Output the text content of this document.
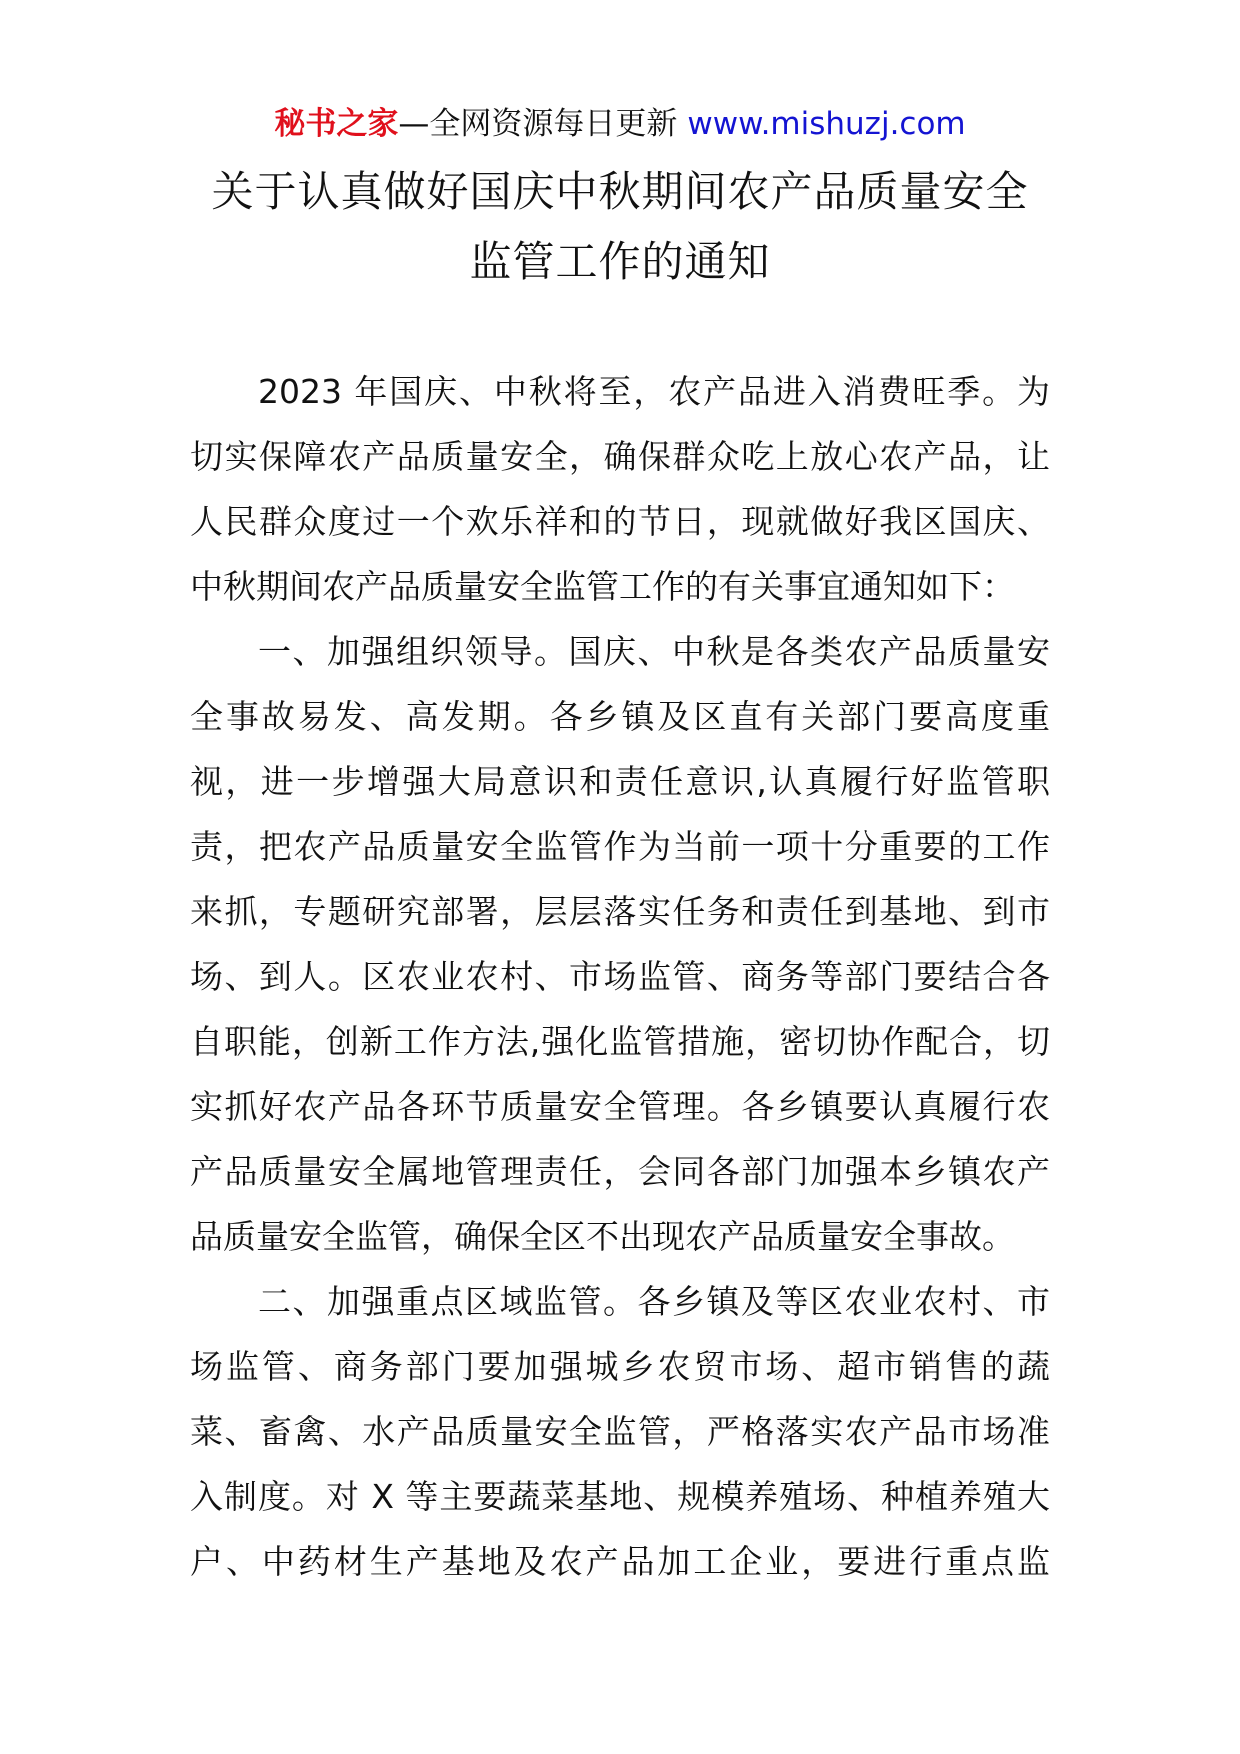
秘书之家—全网资源每日更新 www.mishuzj.com
关于认真做好国庆中秋期间农产品质量安全
监管工作的通知

2023 年国庆、中秋将至，农产品进入消费旺季。为
切实保障农产品质量安全，确保群众吃上放心农产品，让
人民群众度过一个欢乐祥和的节日，现就做好我区国庆、
中秋期间农产品质量安全监管工作的有关事宜通知如下：

一、加强组织领导。国庆、中秋是各类农产品质量安
全事故易发、高发期。各乡镇及区直有关部门要高度重
视，进一步增强大局意识和责任意识,认真履行好监管职
责，把农产品质量安全监管作为当前一项十分重要的工作
来抓，专题研究部署，层层落实任务和责任到基地、到市
场、到人。区农业农村、市场监管、商务等部门要结合各
自职能，创新工作方法,强化监管措施，密切协作配合，切
实抓好农产品各环节质量安全管理。各乡镇要认真履行农
产品质量安全属地管理责任，会同各部门加强本乡镇农产
品质量安全监管，确保全区不出现农产品质量安全事故。

二、加强重点区域监管。各乡镇及等区农业农村、市
场监管、商务部门要加强城乡农贸市场、超市销售的蔬
菜、畜禽、水产品质量安全监管，严格落实农产品市场准
入制度。对 X 等主要蔬菜基地、规模养殖场、种植养殖大
户、中药材生产基地及农产品加工企业，要进行重点监
